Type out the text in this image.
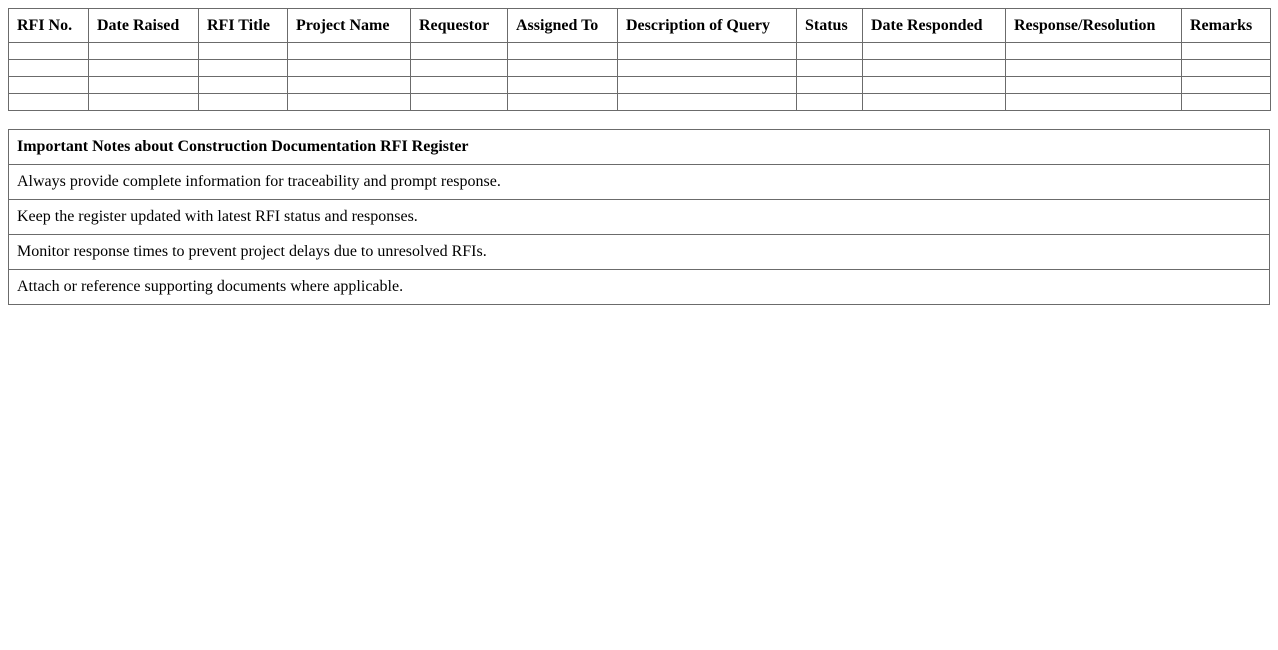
RFI No.	Date Raised	RFI Title	Project Name	Requestor	Assigned To	Description of Query	Status	Date Responded	Response/Resolution	Remarks

Important Notes about Construction Documentation RFI Register
Always provide complete information for traceability and prompt response.
Keep the register updated with latest RFI status and responses.
Monitor response times to prevent project delays due to unresolved RFIs.
Attach or reference supporting documents where applicable.
